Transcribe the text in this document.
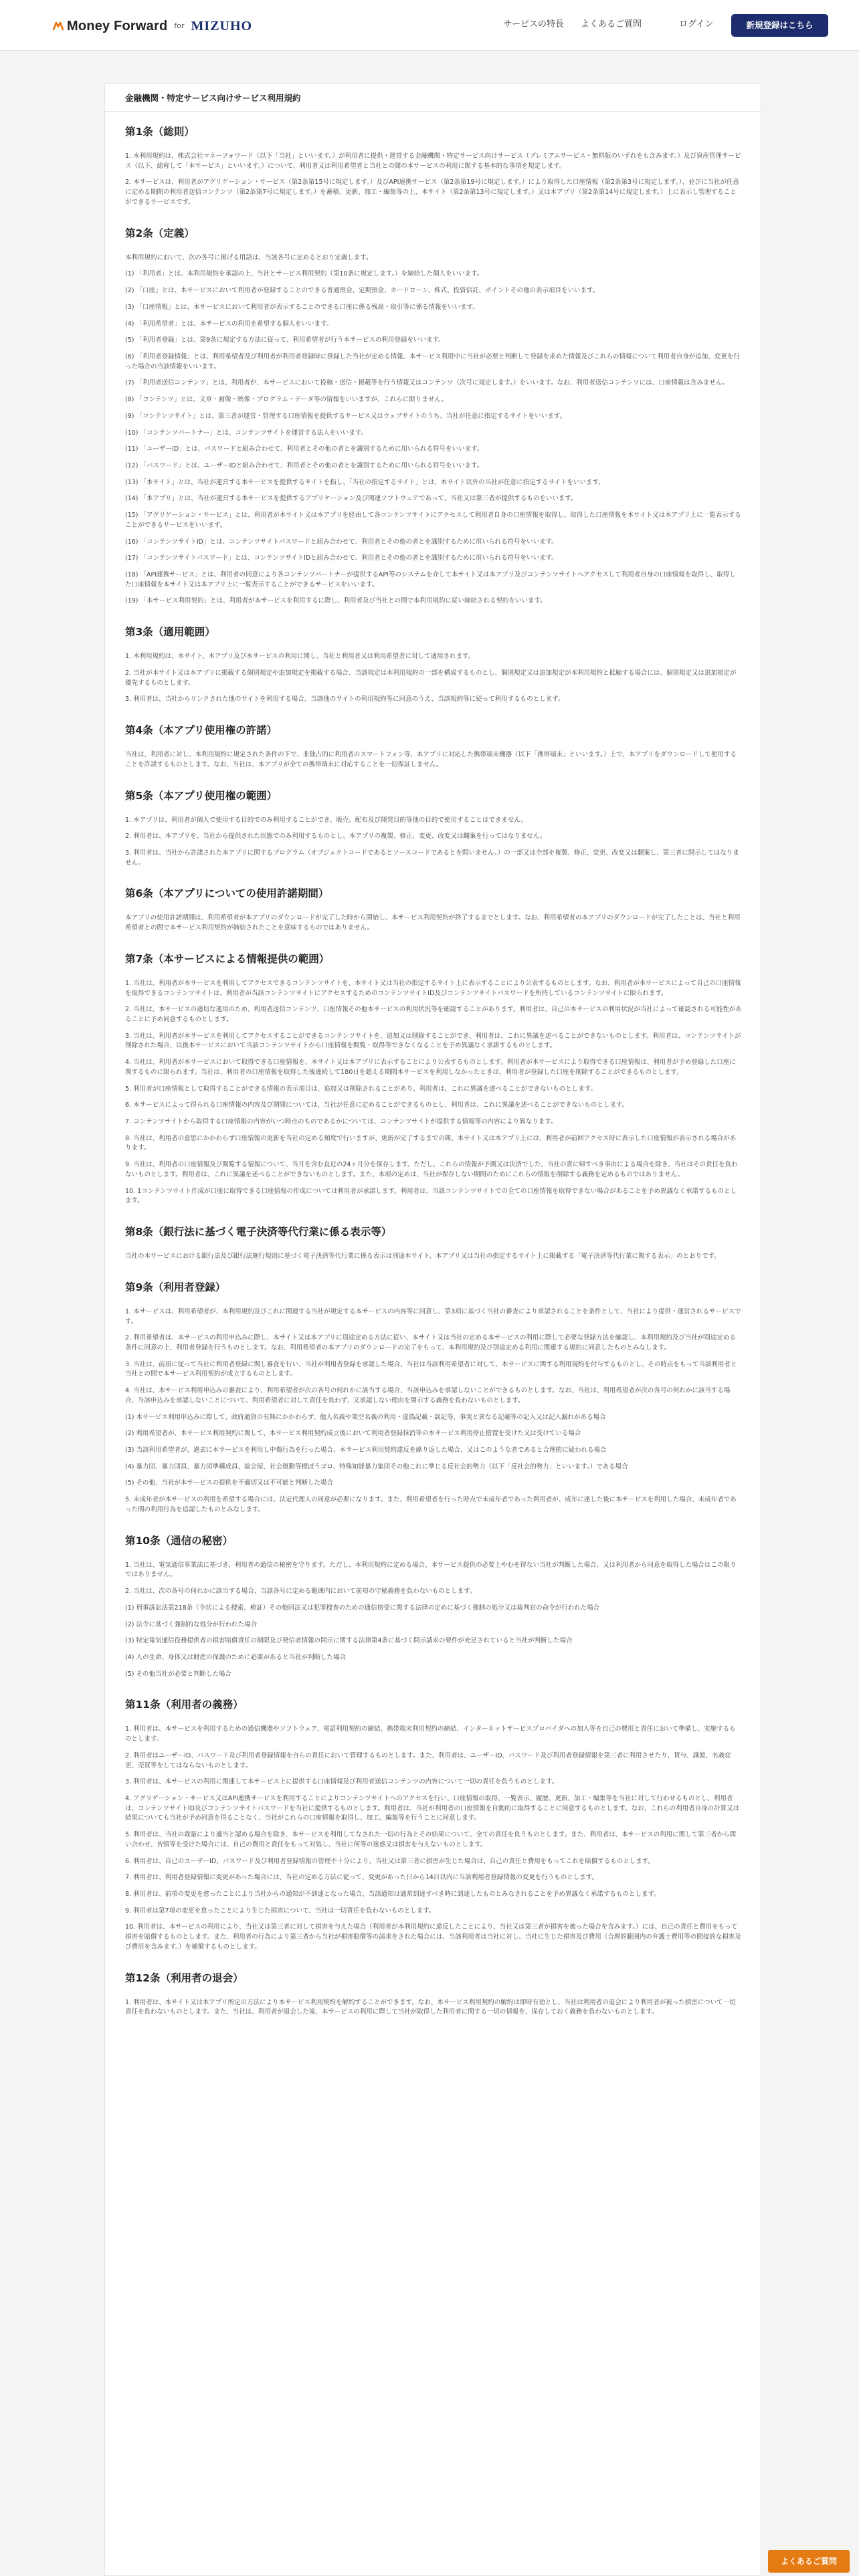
Money Forward for MIZUHO	サービスの特長 よくあるご質問	ログイン	新規登録はこちら
金融機関・特定サービス向けサービス利用規約
第1条（総則）

1. 本利用規約は、株式会社マネーフォワード（以下「当社」といいます。）が利用者に提供・運営する金融機関・特定サービス向けサービス（プレミアムサービス・無料版のいずれをも含みます。）及び資産管理サービス（以下、総称して「本サービス」といいます。）について、利用者又は利用希望者と当社との間の本サービスの利用に関する基本的な事項を規定します。

2. 本サービスは、利用者がアグリゲーション・サービス（第2条第15号に規定します。）及びAPI連携サービス（第2条第19号に規定します。）により取得した口座情報（第2条第3号に規定します。）、並びに当社が任意に定める期間の利用者送信コンテンツ（第2条第7号に規定します。）を蓄積、更新、加工・編集等の上、本サイト（第2条第13号に規定します。）又は本アプリ（第2条第14号に規定します。）上に表示し管理することができるサービスです。

第2条（定義）

本利用規約において、次の各号に掲げる用語は、当該各号に定めるとおり定義します。

(1) 「利用者」とは、本利用規約を承認の上、当社とサービス利用契約（第10条に規定します。）を締結した個人をいいます。

(2) 「口座」とは、本サービスにおいて利用者が登録することのできる普通預金、定期預金、カードローン、株式、投資信託、ポイントその他の表示項目をいいます。

(3) 「口座情報」とは、本サービスにおいて利用者が表示することのできる口座に係る残高・取引等に係る情報をいいます。

(4) 「利用希望者」とは、本サービスの利用を希望する個人をいいます。

(5) 「利用者登録」とは、第9条に規定する方法に従って、利用希望者が行う本サービスの利用登録をいいます。

(6) 「利用者登録情報」とは、利用希望者及び利用者が利用者登録時に登録した当社が定める情報、本サービス利用中に当社が必要と判断して登録を求めた情報及びこれらの情報について利用者自身が追加、変更を行った場合の当該情報をいいます。

(7) 「利用者送信コンテンツ」とは、利用者が、本サービスにおいて投稿・送信・掲載等を行う情報又はコンテンツ（次号に規定します。）をいいます。なお、利用者送信コンテンツには、口座情報は含みません。

(8) 「コンテンツ」とは、文章・画像・映像・プログラム・データ等の情報をいいますが、これらに限りません。

(9) 「コンテンツサイト」とは、第三者が運営・管理する口座情報を提供するサービス又はウェブサイトのうち、当社が任意に指定するサイトをいいます。

(10) 「コンテンツパートナー」とは、コンテンツサイトを運営する法人をいいます。

(11) 「ユーザーID」とは、パスワードと組み合わせて、利用者とその他の者とを識別するために用いられる符号をいいます。

(12) 「パスワード」とは、ユーザーIDと組み合わせて、利用者とその他の者とを識別するために用いられる符号をいいます。

(13) 「本サイト」とは、当社が運営する本サービスを提供するサイトを指し、「当社の指定するサイト」とは、本サイト以外の当社が任意に指定するサイトをいいます。

(14) 「本アプリ」とは、当社が運営する本サービスを提供するアプリケーション及び関連ソフトウェアであって、当社又は第三者が提供するものをいいます。

(15) 「アグリゲーション・サービス」とは、利用者が本サイト又は本アプリを経由して各コンテンツサイトにアクセスして利用者自身の口座情報を取得し、取得した口座情報を本サイト又は本アプリ上に一覧表示することができるサービスをいいます。

(16) 「コンテンツサイトID」とは、コンテンツサイトパスワードと組み合わせて、利用者とその他の者とを識別するために用いられる符号をいいます。

(17) 「コンテンツサイトパスワード」とは、コンテンツサイトIDと組み合わせて、利用者とその他の者とを識別するために用いられる符号をいいます。

(18) 「API連携サービス」とは、利用者の同意により各コンテンツパートナーが提供するAPI等のシステムを介して本サイト又は本アプリ及びコンテンツサイトへアクセスして利用者自身の口座情報を取得し、取得した口座情報を本サイト又は本アプリ上に一覧表示することができるサービスをいいます。

(19) 「本サービス利用契約」とは、利用者が本サービスを利用するに際し、利用者及び当社との間で本利用規約に従い締結される契約をいいます。

第3条（適用範囲）

1. 本利用規約は、本サイト、本アプリ及び本サービスの利用に関し、当社と利用者又は利用希望者に対して適用されます。

2. 当社が本サイト又は本アプリに掲載する個別規定や追加規定を掲載する場合、当該規定は本利用規約の一部を構成するものとし、個別規定又は追加規定が本利用規約と抵触する場合には、個別規定又は追加規定が優先するものとします。

3. 利用者は、当社からリンクされた他のサイトを利用する場合、当該他のサイトの利用規約等に同意のうえ、当該規約等に従って利用するものとします。

第4条（本アプリ使用権の許諾）

当社は、利用者に対し、本利用規約に規定された条件の下で、非独占的に利用者のスマートフォン等、本アプリに対応した携帯端末機器（以下「携帯端末」といいます。）上で、本アプリをダウンロードして使用することを許諾するものとします。なお、当社は、本アプリが全ての携帯端末に対応することを一切保証しません。

第5条（本アプリ使用権の範囲）

1. 本アプリは、利用者が個人で使用する目的でのみ利用することができ、販売、配布及び開発目的等他の目的で使用することはできません。

2. 利用者は、本アプリを、当社から提供された状態でのみ利用するものとし、本アプリの複製、修正、変更、改変又は翻案を行ってはなりません。

3. 利用者は、当社から許諾された本アプリに関するプログラム（オブジェクトコードであるとソースコードであるとを問いません。）の一部又は全部を複製、修正、変更、改変又は翻案し、第三者に開示してはなりません。

第6条（本アプリについての使用許諾期間）

本アプリの使用許諾期間は、利用希望者が本アプリのダウンロードが完了した時から開始し、本サービス利用契約が終了するまでとします。なお、利用希望者の本アプリのダウンロードが完了したことは、当社と利用希望者との間で本サービス利用契約が締結されたことを意味するものではありません。

第7条（本サービスによる情報提供の範囲）

1. 当社は、利用者が本サービスを利用してアクセスできるコンテンツサイトを、本サイト又は当社の指定するサイト上に表示することにより公表するものとします。なお、利用者が本サービスによって自己の口座情報を取得できるコンテンツサイトは、利用者が当該コンテンツサイトにアクセスするためのコンテンツサイトID及びコンテンツサイトパスワードを所持しているコンテンツサイトに限られます。

2. 当社は、本サービスの適切な運用のため、利用者送信コンテンツ、口座情報その他本サービスの利用状況等を確認することがあります。利用者は、自己の本サービスの利用状況が当社によって確認される可能性があることに予め同意するものとします。

3. 当社は、利用者が本サービスを利用してアクセスすることができるコンテンツサイトを、追加又は削除することができ、利用者は、これに異議を述べることができないものとします。利用者は、コンテンツサイトが削除された場合、以後本サービスにおいて当該コンテンツサイトから口座情報を閲覧・取得等できなくなることを予め異議なく承諾するものとします。

4. 当社は、利用者が本サービスにおいて取得できる口座情報を、本サイト又は本アプリに表示することにより公表するものとします。利用者が本サービスにより取得できる口座情報は、利用者が予め登録した口座に関するものに限られます。当社は、利用者の口座情報を取得した後連続して180日を超える期間本サービスを利用しなかったときは、利用者が登録した口座を削除することができるものとします。

5. 利用者が口座情報として取得することができる情報の表示項目は、追加又は削除されることがあり、利用者は、これに異議を述べることができないものとします。

6. 本サービスによって得られる口座情報の内容及び期間については、当社が任意に定めることができるものとし、利用者は、これに異議を述べることができないものとします。

7. コンテンツサイトから取得する口座情報の内容がいつ時点のものであるかについては、コンテンツサイトが提供する情報等の内容により異なります。

8. 当社は、利用者の意思にかかわらず口座情報の更新を当社の定める頻度で行いますが、更新が完了するまでの間、本サイト又は本アプリ上には、利用者が前回アクセス時に表示した口座情報が表示される場合があります。

9. 当社は、利用者の口座情報及び閲覧する情報について、当月を含む直近の24ヶ月分を保存します。ただし、これらの情報が予測又は決済でした、当社の責に帰すべき事由による場合を除き、当社はその責任を負わないものとします。利用者は、これに異議を述べることができないものとします。また、本項の定めは、当社が保存しない期間のためにこれらの情報を削除する義務を定めるものではありません。

10. 1コンテンツサイト作成が口座に取得できる口座情報の作成については利用者が承諾します。利用者は、当該コンテンツサイトでの全ての口座情報を取得できない場合があることを予め異議なく承諾するものとします。

第8条（銀行法に基づく電子決済等代行業に係る表示等）

当社の本サービスにおける銀行法及び銀行法施行規則に基づく電子決済等代行業に係る表示は別途本サイト、本アプリ又は当社の指定するサイト上に掲載する「電子決済等代行業に関する表示」のとおりです。

第9条（利用者登録）

1. 本サービスは、利用希望者が、本利用規約及びこれに関連する当社が規定する本サービスの内容等に同意し、第3項に基づく当社の審査により承認されることを条件として、当社により提供・運営されるサービスです。

2. 利用希望者は、本サービスの利用申込みに際し、本サイト又は本アプリに別途定める方法に従い、本サイト又は当社の定める本サービスの利用に際して必要な登録方法を確認し、本利用規約及び当社が別途定める条件に同意の上、利用者登録を行うものとします。なお、利用希望者の本アプリのダウンロードの完了をもって、本利用規約及び別途定める利用に関連する規約に同意したものとみなします。

3. 当社は、前項に従って当社に利用者登録に関し審査を行い、当社が利用者登録を承認した場合、当社は当該利用希望者に対して、本サービスに関する利用規約を付与するものとし、その時点をもって当該利用者と当社との間で本サービス利用契約が成立するものとします。

4. 当社は、本サービス利用申込みの審査により、利用希望者が次の各号の何れかに該当する場合、当該申込みを承認しないことができるものとします。なお、当社は、利用希望者が次の各号の何れかに該当する場合、当該申込みを承認しないことについて、利用希望者に対して責任を負わず、又承認しない理由を開示する義務を負わないものとします。

(1) 本サービス利用申込みに際して、政府通貨の有無にかかわらず、他人名義や架空名義の利用・虚偽記載・誤記等、事実と異なる記載等の記入又は記入漏れがある場合

(2) 利用希望者が、本サービス利用契約に関して、本サービス利用契約成立後において利用者登録抹消等の本サービス利用停止措置を受けた又は受けている場合

(3) 当該利用希望者が、過去に本サービスを利用し中傷行為を行った場合、本サービス利用契約違反を繰り返した場合、又はこのような者であると合理的に疑われる場合

(4) 暴力団、暴力団員、暴力団準構成員、総会屋、社会運動等標ぼうゴロ、特殊知能暴力集団その他これに準じる反社会的勢力（以下「反社会的勢力」といいます。）である場合

(5) その他、当社が本サービスの提供を不適切又は不可能と判断した場合

5. 未成年者が本サービスの利用を希望する場合には、法定代理人の同意が必要になります。また、利用希望者を行った時点で未成年者であった利用者が、成年に達した後に本サービスを利用した場合、未成年者であった間の利用行為を追認したものとみなします。

第10条（通信の秘密）

1. 当社は、電気通信事業法に基づき、利用者の通信の秘密を守ります。ただし、本利用規約に定める場合、本サービス提供の必要上やむを得ない当社が判断した場合、又は利用者から同意を取得した場合はこの限りではありません。

2. 当社は、次の各号の何れかに該当する場合、当該各号に定める範囲内において前項の守秘義務を負わないものとします。

(1) 刑事訴訟法第218条（令状による捜索、検証）その他同法又は犯罪捜査のための通信傍受に関する法律の定めに基づく強制の処分又は裁判官の命令が行われた場合

(2) 法令に基づく強制的な処分が行われた場合

(3) 特定電気通信役務提供者の損害賠償責任の制限及び発信者情報の開示に関する法律第4条に基づく開示請求の要件が充足されていると当社が判断した場合

(4) 人の生命、身体又は財産の保護のために必要があると当社が判断した場合

(5) その他当社が必要と判断した場合

第11条（利用者の義務）

1. 利用者は、本サービスを利用するための通信機器やソフトウェア、電話利用契約の締結、携帯端末利用契約の締結、インターネットサービスプロバイダへの加入等を自己の費用と責任において準備し、実施するものとします。

2. 利用者はユーザーID、パスワード及び利用者登録情報を自らの責任において管理するものとします。また、利用者は、ユーザーID、パスワード及び利用者登録情報を第三者に利用させたり、貸与、譲渡、名義変更、売買等をしてはならないものとします。

3. 利用者は、本サービスの利用に関連して本サービス上に提供する口座情報及び利用者送信コンテンツの内容について一切の責任を負うものとします。

4. アグリゲーション・サービス又はAPI連携サービスを利用することによりコンテンツサイトへのアクセスを行い、口座情報の取得、一覧表示、履歴、更新、加工・編集等を当社に対して行わせるものとし、利用者は、コンテンツサイトID及びコンテンツサイトパスワードを当社に提供するものとします。利用者は、当社が利用者の口座情報を自動的に取得することに同意するものとします。なお、これらの利用者自身の計算又は結果についても当社が予め同意を得ることなく、当社がこれらの口座情報を取得し、加工、編集等を行うことに同意します。

5. 利用者は、当社の裁量により適当と認める場合を除き、本サービスを利用してなされた一切の行為とその結果について、全ての責任を負うものとします。また、利用者は、本サービスの利用に関して第三者から問い合わせ、苦情等を受けた場合には、自己の費用と責任をもって対処し、当社に何等の迷惑又は損害を与えないものとします。

6. 利用者は、自己のユーザーID、パスワード及び利用者登録情報の管理不十分により、当社又は第三者に損害が生じた場合は、自己の責任と費用をもってこれを賠償するものとします。

7. 利用者は、利用者登録情報に変更があった場合には、当社の定める方法に従って、変更があった日から14日以内に当該利用者登録情報の変更を行うものとします。

8. 利用者は、前項の変更を怠ったことにより当社からの通知が不到達となった場合、当該通知は通常到達すべき時に到達したものとみなされることを予め異議なく承諾するものとします。

9. 利用者は第7項の変更を怠ったことにより生じた損害について、当社は一切責任を負わないものとします。

10. 利用者は、本サービスの利用により、当社又は第三者に対して損害を与えた場合（利用者が本利用規約に違反したことにより、当社又は第三者が損害を被った場合を含みます。）には、自己の責任と費用をもって損害を賠償するものとします。また、利用者の行為により第三者から当社が損害賠償等の請求をされた場合には、当該利用者は当社に対し、当社に生じた損害及び費用（合理的範囲内の弁護士費用等の間接的な損害及び費用を含みます。）を補償するものとします。

第12条（利用者の退会）

1. 利用者は、本サイト又は本アプリ所定の方法により本サービス利用契約を解約することができます。なお、本サービス利用契約の解約は即時有効とし、当社は利用者の退会により利用者が被った損害について一切責任を負わないものとします。また、当社は、利用者が退会した後、本サービスの利用に際して当社が取得した利用者に関する一切の情報を、保存しておく義務を負わないものとします。

よくあるご質問
